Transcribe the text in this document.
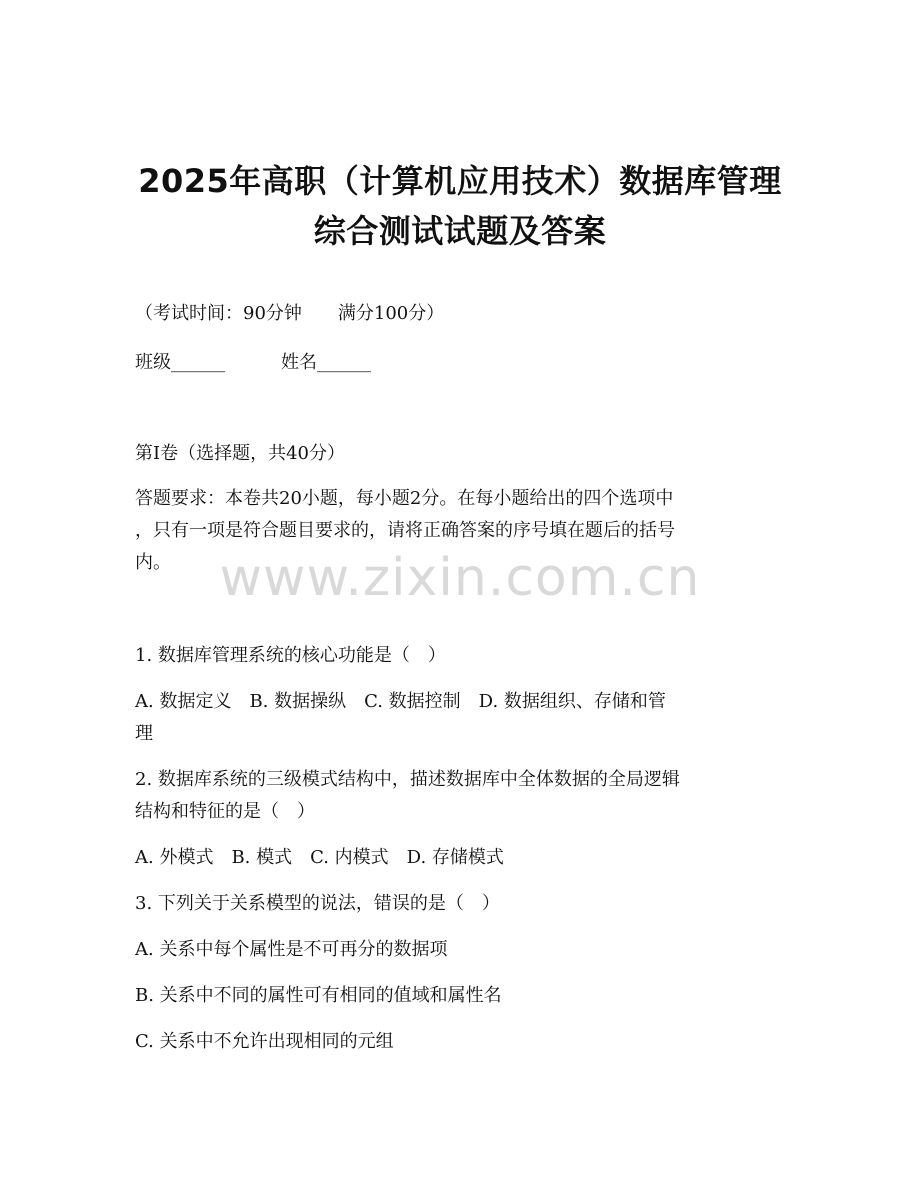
2025年高职（计算机应用技术）数据库管理
综合测试试题及答案
（考试时间：90分钟　　满分100分）
班级______	姓名______
第Ⅰ卷（选择题，共40分）
答题要求：本卷共20小题，每小题2分。在每小题给出的四个选项中
，只有一项是符合题目要求的，请将正确答案的序号填在题后的括号
内。 www.zixin.com.cn
1. 数据库管理系统的核心功能是（　）
A. 数据定义　B. 数据操纵　C. 数据控制　D. 数据组织、存储和管
理
2. 数据库系统的三级模式结构中，描述数据库中全体数据的全局逻辑
结构和特征的是（　）
A. 外模式　B. 模式　C. 内模式　D. 存储模式
3. 下列关于关系模型的说法，错误的是（　）
A. 关系中每个属性是不可再分的数据项
B. 关系中不同的属性可有相同的值域和属性名
C. 关系中不允许出现相同的元组
